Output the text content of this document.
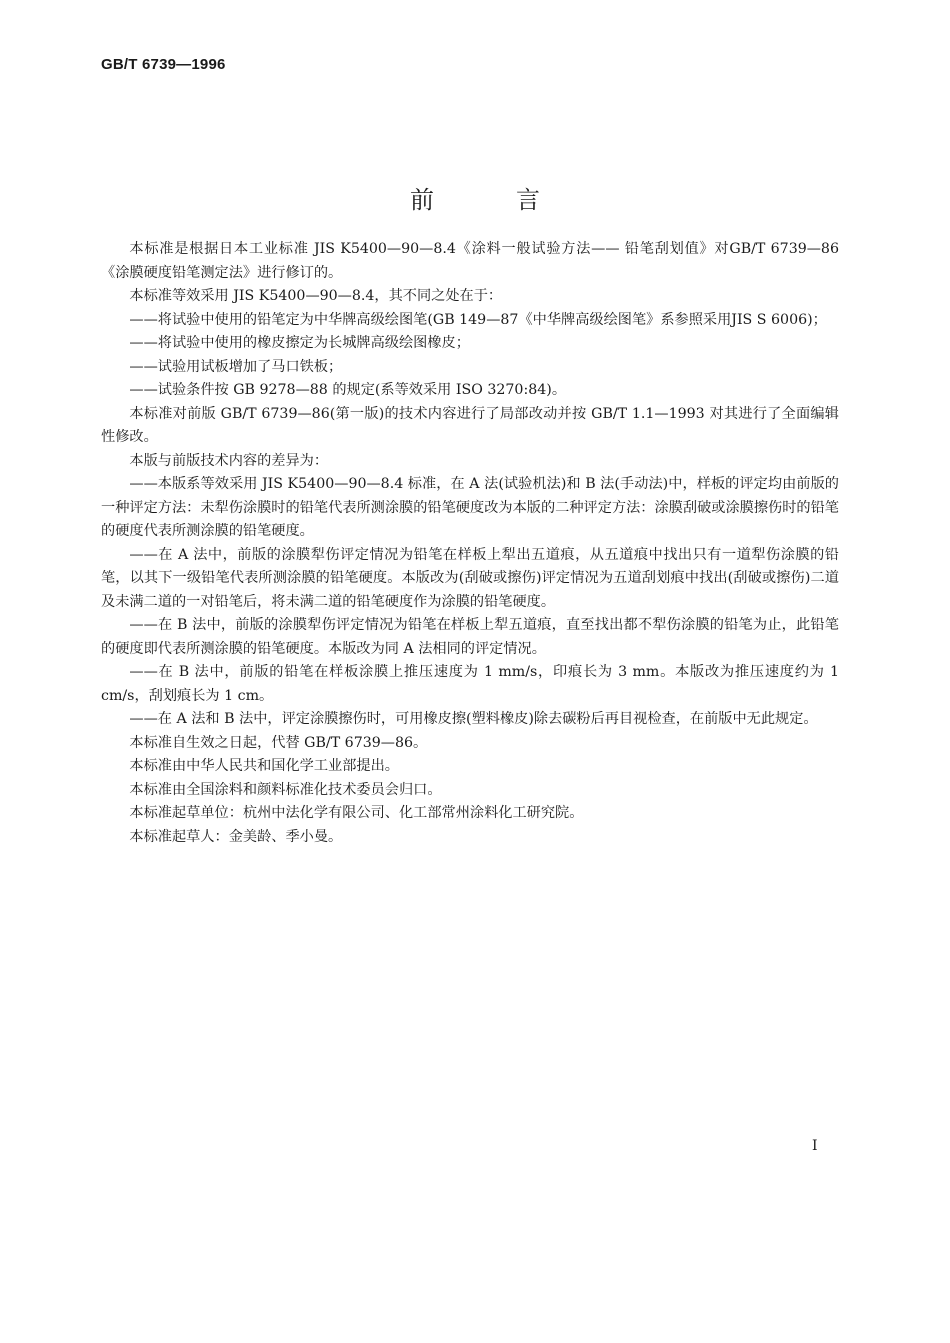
GB/T 6739—1996
前言

本标准是根据日本工业标准 JIS K5400—90—8.4《涂料一般试验方法—— 铅笔刮划值》对GB/T 6739—86《涂膜硬度铅笔测定法》进行修订的。

本标准等效采用 JIS K5400—90—8.4，其不同之处在于：

——将试验中使用的铅笔定为中华牌高级绘图笔(GB 149—87《中华牌高级绘图笔》系参照采用JIS S 6006)；

——将试验中使用的橡皮擦定为长城牌高级绘图橡皮；

——试验用试板增加了马口铁板；

——试验条件按 GB 9278—88 的规定(系等效采用 ISO 3270:84)。

本标准对前版 GB/T 6739—86(第一版)的技术内容进行了局部改动并按 GB/T 1.1—1993 对其进行了全面编辑性修改。

本版与前版技术内容的差异为：

——本版系等效采用 JIS K5400—90—8.4 标准，在 A 法(试验机法)和 B 法(手动法)中，样板的评定均由前版的一种评定方法：未犁伤涂膜时的铅笔代表所测涂膜的铅笔硬度改为本版的二种评定方法：涂膜刮破或涂膜擦伤时的铅笔的硬度代表所测涂膜的铅笔硬度。

——在 A 法中，前版的涂膜犁伤评定情况为铅笔在样板上犁出五道痕，从五道痕中找出只有一道犁伤涂膜的铅笔，以其下一级铅笔代表所测涂膜的铅笔硬度。本版改为(刮破或擦伤)评定情况为五道刮划痕中找出(刮破或擦伤)二道及未满二道的一对铅笔后，将未满二道的铅笔硬度作为涂膜的铅笔硬度。

——在 B 法中，前版的涂膜犁伤评定情况为铅笔在样板上犁五道痕，直至找出都不犁伤涂膜的铅笔为止，此铅笔的硬度即代表所测涂膜的铅笔硬度。本版改为同 A 法相同的评定情况。

——在 B 法中，前版的铅笔在样板涂膜上推压速度为 1 mm/s，印痕长为 3 mm。本版改为推压速度约为 1 cm/s，刮划痕长为 1 cm。

——在 A 法和 B 法中，评定涂膜擦伤时，可用橡皮擦(塑料橡皮)除去碳粉后再目视检查，在前版中无此规定。

本标准自生效之日起，代替 GB/T 6739—86。

本标准由中华人民共和国化学工业部提出。

本标准由全国涂料和颜料标准化技术委员会归口。

本标准起草单位：杭州中法化学有限公司、化工部常州涂料化工研究院。

本标准起草人：金美龄、季小曼。

I
